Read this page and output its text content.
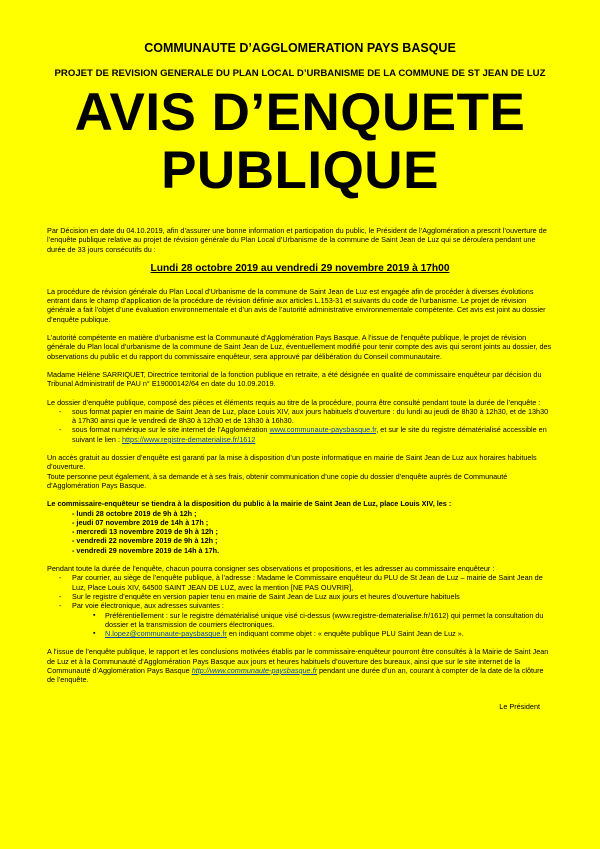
COMMUNAUTE D’AGGLOMERATION PAYS BASQUE
PROJET DE REVISION GENERALE DU PLAN LOCAL D’URBANISME DE LA COMMUNE DE ST JEAN DE LUZ
AVIS D’ENQUETE
PUBLIQUE

Par Décision en date du 04.10.2019, afin d’assurer une bonne information et participation du public, le Président de l’Agglomération a prescrit l’ouverture de l’enquête publique relative au projet de révision générale du Plan Local d’Urbanisme de la commune de Saint Jean de Luz qui se déroulera pendant une durée de 33 jours consécutifs du :

Lundi 28 octobre 2019 au vendredi 29 novembre 2019 à 17h00

La procédure de révision générale du Plan Local d’Urbanisme de la commune de Saint Jean de Luz est engagée afin de procéder à diverses évolutions entrant dans le champ d’application de la procédure de révision définie aux articles L.153-31 et suivants du code de l’urbanisme. Le projet de révision générale a fait l’objet d’une évaluation environnementale et d’un avis de l’autorité administrative environnementale compétente. Cet avis est joint au dossier d’enquête publique.

L’autorité compétente en matière d’urbanisme est la Communauté d’Agglomération Pays Basque. A l’issue de l’enquête publique, le projet de révision générale du Plan local d’urbanisme de la commune de Saint Jean de Luz, éventuellement modifié pour tenir compte des avis qui seront joints au dossier, des observations du public et du rapport du commissaire enquêteur, sera approuvé par délibération du Conseil communautaire.

Madame Hélène SARRIQUET, Directrice territorial de la fonction publique en retraite, a été désignée en qualité de commissaire enquêteur par décision du Tribunal Administratif de PAU n° E19000142/64 en date du 10.09.2019.

Le dossier d’enquête publique, composé des pièces et éléments requis au titre de la procédure, pourra être consulté pendant toute la durée de l’enquête :
- sous format papier en mairie de Saint Jean de Luz, place Louis XIV, aux jours habituels d’ouverture : du lundi au jeudi de 8h30 à 12h30, et de 13h30 à 17h30 ainsi que le vendredi de 8h30 à 12h30 et de 13h30 à 16h30.
- sous format numérique sur le site internet de l’Agglomération www.communaute-paysbasque.fr, et sur le site du registre dématérialisé accessible en suivant le lien : https://www.registre-dematerialise.fr/1612
Un accès gratuit au dossier d’enquête est garanti par la mise à disposition d’un poste informatique en mairie de Saint Jean de Luz aux horaires habituels d’ouverture.
Toute personne peut également, à sa demande et à ses frais, obtenir communication d’une copie du dossier d’enquête auprès de Communauté d’Agglomération Pays Basque.

Le commissaire-enquêteur se tiendra à la disposition du public à la mairie de Saint Jean de Luz, place Louis XIV, les :

- lundi 28 octobre 2019 de 9h à 12h ;
- jeudi 07 novembre 2019 de 14h à 17h ;
- mercredi 13 novembre 2019 de 9h à 12h ;
- vendredi 22 novembre 2019 de 9h à 12h ;
- vendredi 29 novembre 2019 de 14h à 17h.
Pendant toute la durée de l’enquête, chacun pourra consigner ses observations et propositions, et les adresser au commissaire enquêteur :
- Par courrier, au siège de l’enquête publique, à l’adresse : Madame le Commissaire enquêteur du PLU de St Jean de Luz – mairie de Saint Jean de Luz, Place Louis XIV, 64500 SAINT JEAN DE LUZ, avec la mention [NE PAS OUVRIR],
- Sur le registre d’enquête en version papier tenu en mairie de Saint Jean de Luz aux jours et heures d’ouverture habituels
- Par voie électronique, aux adresses suivantes :
▪ Préférentiellement : sur le registre dématérialisé unique visé ci-dessus (www.registre-dematerialise.fr/1612) qui permet la consultation du dossier et la transmission de courriers électroniques.
▪ N.lopez@communaute-paysbasque.fr en indiquant comme objet : « enquête publique PLU Saint Jean de Luz ».

A l’issue de l’enquête publique, le rapport et les conclusions motivées établis par le commissaire-enquêteur pourront être consultés à la Mairie de Saint Jean de Luz et à la Communauté d’Agglomération Pays Basque aux jours et heures habituels d’ouverture des bureaux, ainsi que sur le site internet de la Communauté d’Agglomération Pays Basque http://www.communaute-paysbasque.fr pendant une durée d’un an, courant à compter de la date de la clôture de l’enquête.

Le Président
